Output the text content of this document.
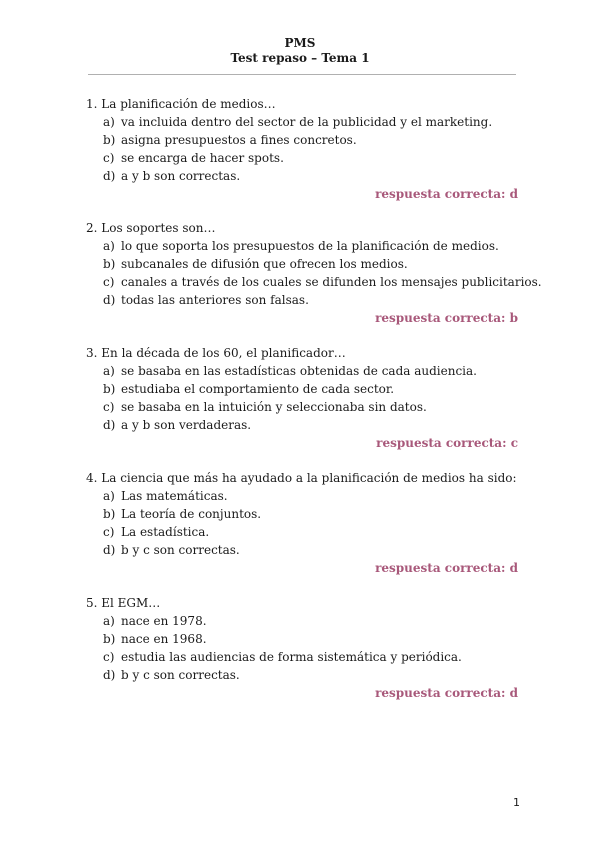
PMS
Test repaso – Tema 1
1. La planificación de medios…
a) va incluida dentro del sector de la publicidad y el marketing.
b) asigna presupuestos a fines concretos.
c) se encarga de hacer spots.
d) a y b son correctas.
respuesta correcta: d
2. Los soportes son…
a) lo que soporta los presupuestos de la planificación de medios.
b) subcanales de difusión que ofrecen los medios.
c) canales a través de los cuales se difunden los mensajes publicitarios.
d) todas las anteriores son falsas.
respuesta correcta: b
3. En la década de los 60, el planificador…
a) se basaba en las estadísticas obtenidas de cada audiencia.
b) estudiaba el comportamiento de cada sector.
c) se basaba en la intuición y seleccionaba sin datos.
d) a y b son verdaderas.
respuesta correcta: c
4. La ciencia que más ha ayudado a la planificación de medios ha sido:
a) Las matemáticas.
b) La teoría de conjuntos.
c) La estadística.
d) b y c son correctas.
respuesta correcta: d
5. El EGM…
a) nace en 1978.
b) nace en 1968.
c) estudia las audiencias de forma sistemática y periódica.
d) b y c son correctas.
respuesta correcta: d
1
